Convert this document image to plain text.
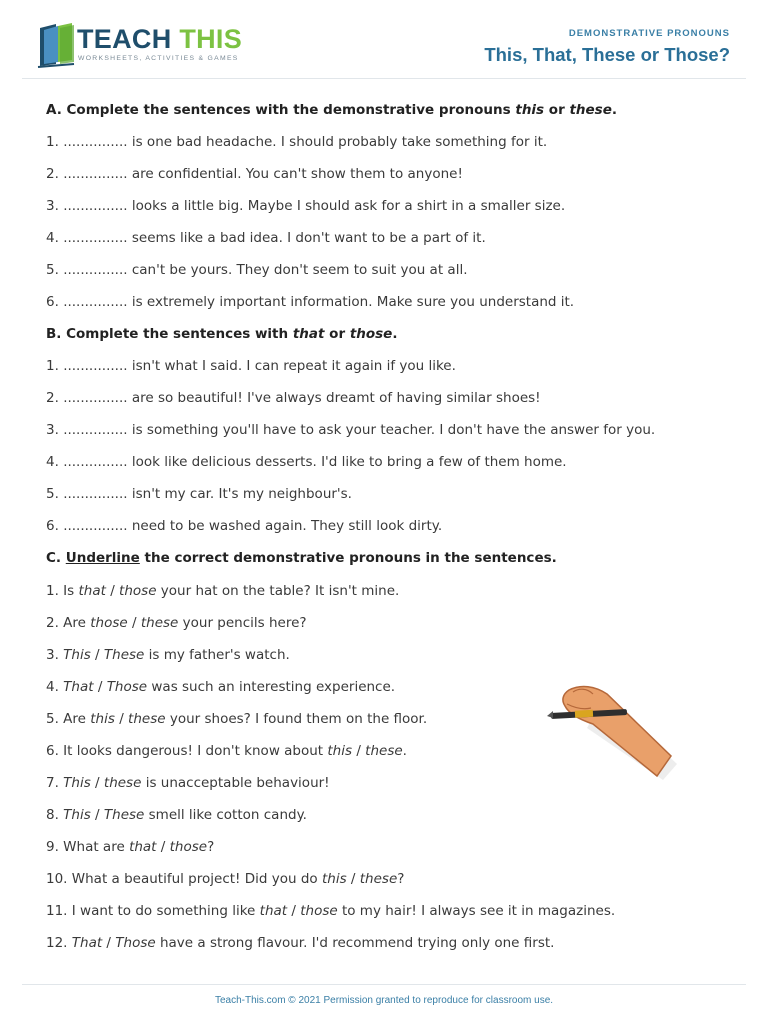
TEACH THIS
WORKSHEETS, ACTIVITIES & GAMES
DEMONSTRATIVE PRONOUNS
This, That, These or Those?
A. Complete the sentences with the demonstrative pronouns this or these.
1. ............... is one bad headache. I should probably take something for it.
2. ............... are confidential. You can't show them to anyone!
3. ............... looks a little big. Maybe I should ask for a shirt in a smaller size.
4. ............... seems like a bad idea. I don't want to be a part of it.
5. ............... can't be yours. They don't seem to suit you at all.
6. ............... is extremely important information. Make sure you understand it.
B. Complete the sentences with that or those.
1. ............... isn't what I said. I can repeat it again if you like.
2. ............... are so beautiful! I've always dreamt of having similar shoes!
3. ............... is something you'll have to ask your teacher. I don't have the answer for you.
4. ............... look like delicious desserts. I'd like to bring a few of them home.
5. ............... isn't my car. It's my neighbour's.
6. ............... need to be washed again. They still look dirty.
C. Underline the correct demonstrative pronouns in the sentences.
1. Is that / those your hat on the table? It isn't mine.
2. Are those / these your pencils here?
3. This / These is my father's watch.
4. That / Those was such an interesting experience.
5. Are this / these your shoes? I found them on the floor.
6. It looks dangerous! I don't know about this / these.
7. This / these is unacceptable behaviour!
8. This / These smell like cotton candy.
9. What are that / those?
10. What a beautiful project! Did you do this / these?
11. I want to do something like that / those to my hair! I always see it in magazines.
12. That / Those have a strong flavour. I'd recommend trying only one first.
Teach-This.com © 2021 Permission granted to reproduce for classroom use.
